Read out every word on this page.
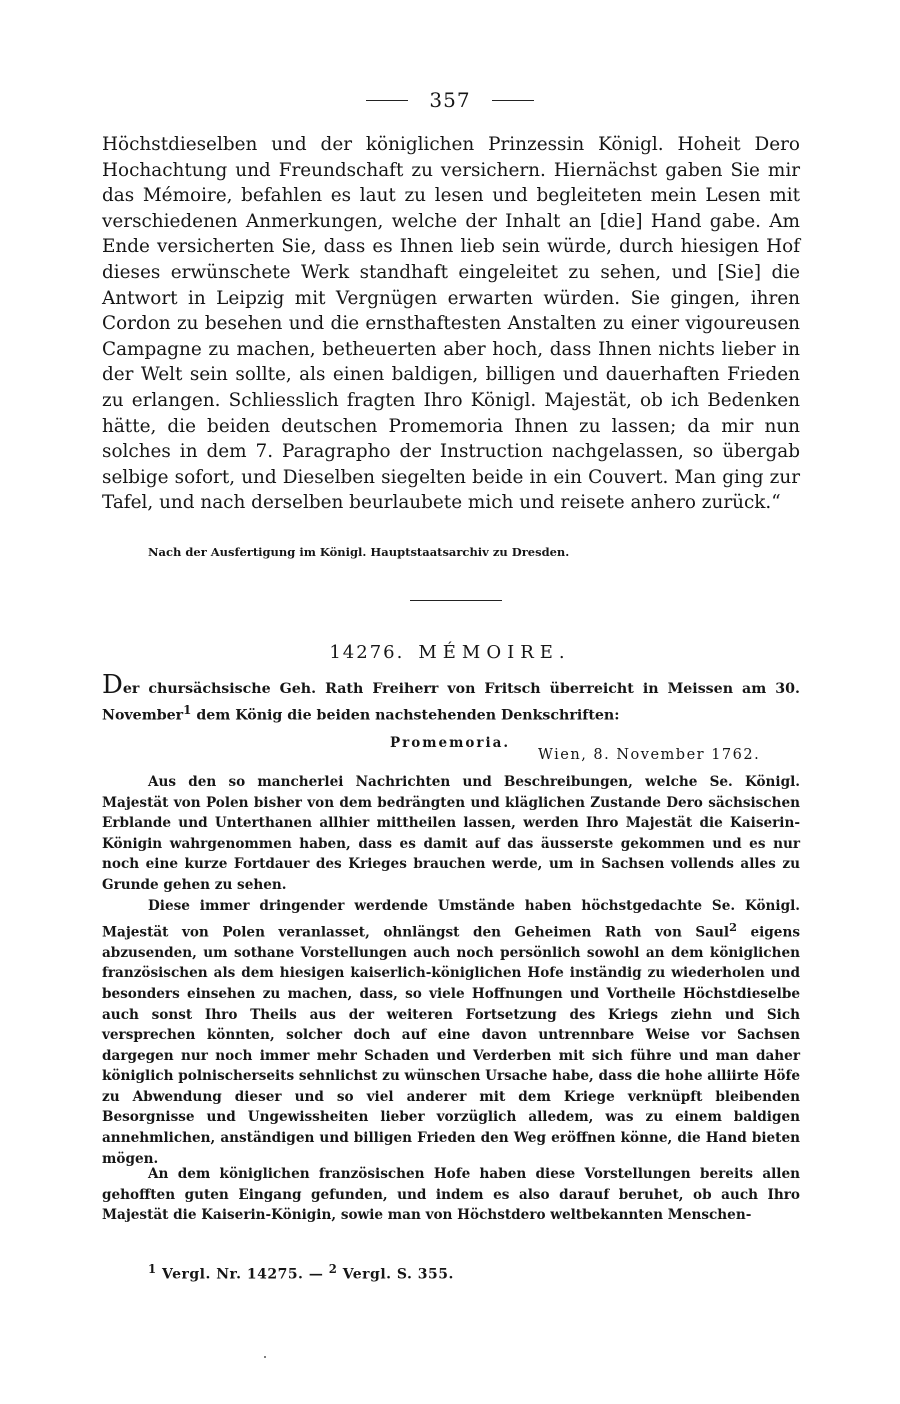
357

Höchstdieselben und der königlichen Prinzessin Königl. Hoheit Dero Hochachtung und Freundschaft zu versichern. Hiernächst gaben Sie mir das Mémoire, befahlen es laut zu lesen und begleiteten mein Lesen mit verschiedenen Anmerkungen, welche der Inhalt an [die] Hand gabe. Am Ende versicherten Sie, dass es Ihnen lieb sein würde, durch hiesigen Hof dieses erwünschete Werk standhaft eingeleitet zu sehen, und [Sie] die Antwort in Leipzig mit Vergnügen erwarten würden. Sie gingen, ihren Cordon zu besehen und die ernsthaftesten Anstalten zu einer vigoureusen Campagne zu machen, betheuerten aber hoch, dass Ihnen nichts lieber in der Welt sein sollte, als einen baldigen, billigen und dauerhaften Frieden zu erlangen. Schliesslich fragten Ihro Königl. Majestät, ob ich Bedenken hätte, die beiden deutschen Promemoria Ihnen zu lassen; da mir nun solches in dem 7. Paragrapho der Instruction nachgelassen, so übergab selbige sofort, und Dieselben siegelten beide in ein Couvert. Man ging zur Tafel, und nach derselben beurlaubete mich und reisete anhero zurück.“

Nach der Ausfertigung im Königl. Hauptstaatsarchiv zu Dresden.

14276. MÉMOIRE.

Der chursächsische Geh. Rath Freiherr von Fritsch überreicht in Meissen am 30. November$^1$ dem König die beiden nachstehenden Denkschriften:

Promemoria.
Wien, 8. November 1762.

Aus den so mancherlei Nachrichten und Beschreibungen, welche Se. Königl. Majestät von Polen bisher von dem bedrängten und kläglichen Zustande Dero sächsischen Erblande und Unterthanen allhier mittheilen lassen, werden Ihro Majestät die Kaiserin-Königin wahrgenommen haben, dass es damit auf das äusserste gekommen und es nur noch eine kurze Fortdauer des Krieges brauchen werde, um in Sachsen vollends alles zu Grunde gehen zu sehen.

Diese immer dringender werdende Umstände haben höchstgedachte Se. Königl. Majestät von Polen veranlasset, ohnlängst den Geheimen Rath von Saul$^2$ eigens abzusenden, um sothane Vorstellungen auch noch persönlich sowohl an dem königlichen französischen als dem hiesigen kaiserlich-königlichen Hofe inständig zu wiederholen und besonders einsehen zu machen, dass, so viele Hoffnungen und Vortheile Höchstdieselbe auch sonst Ihro Theils aus der weiteren Fortsetzung des Kriegs ziehn und Sich versprechen könnten, solcher doch auf eine davon untrennbare Weise vor Sachsen dargegen nur noch immer mehr Schaden und Verderben mit sich führe und man daher königlich polnischerseits sehnlichst zu wünschen Ursache habe, dass die hohe alliirte Höfe zu Abwendung dieser und so viel anderer mit dem Kriege verknüpft bleibenden Besorgnisse und Ungewissheiten lieber vorzüglich alledem, was zu einem baldigen annehmlichen, anständigen und billigen Frieden den Weg eröffnen könne, die Hand bieten mögen.

An dem königlichen französischen Hofe haben diese Vorstellungen bereits allen gehofften guten Eingang gefunden, und indem es also darauf beruhet, ob auch Ihro Majestät die Kaiserin-Königin, sowie man von Höchstdero weltbekannten Menschen-

$^1$ Vergl. Nr. 14275. — $^2$ Vergl. S. 355.
